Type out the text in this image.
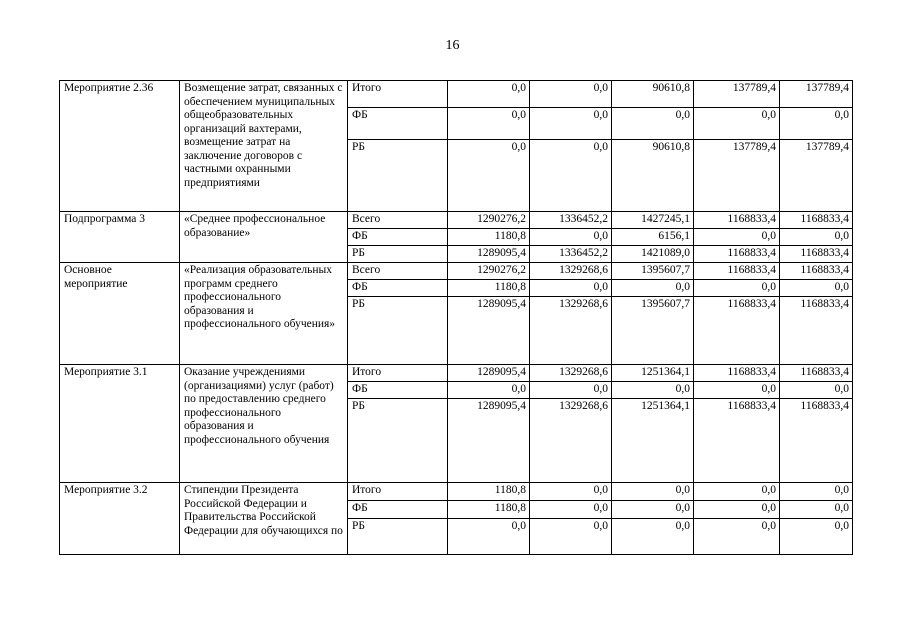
16
Мероприятие 2.36	Возмещение затрат, связанных с обеспечением муниципальных общеобразовательных организаций вахтерами, возмещение затрат на заключение договоров с частными охранными предприятиями	Итого	0,0	0,0	90610,8	137789,4	137789,4
		ФБ	0,0	0,0	0,0	0,0	0,0
		РБ	0,0	0,0	90610,8	137789,4	137789,4
Подпрограмма 3	«Среднее профессиональное образование»	Всего	1290276,2	1336452,2	1427245,1	1168833,4	1168833,4
		ФБ	1180,8	0,0	6156,1	0,0	0,0
		РБ	1289095,4	1336452,2	1421089,0	1168833,4	1168833,4
Основное мероприятие	«Реализация образовательных программ среднего профессионального образования и профессионального обучения»	Всего	1290276,2	1329268,6	1395607,7	1168833,4	1168833,4
		ФБ	1180,8	0,0	0,0	0,0	0,0
		РБ	1289095,4	1329268,6	1395607,7	1168833,4	1168833,4
Мероприятие 3.1	Оказание учреждениями (организациями) услуг (работ) по предоставлению среднего профессионального образования и профессионального обучения	Итого	1289095,4	1329268,6	1251364,1	1168833,4	1168833,4
		ФБ	0,0	0,0	0,0	0,0	0,0
		РБ	1289095,4	1329268,6	1251364,1	1168833,4	1168833,4
Мероприятие 3.2	Стипендии Президента Российской Федерации и Правительства Российской Федерации для обучающихся по	Итого	1180,8	0,0	0,0	0,0	0,0
		ФБ	1180,8	0,0	0,0	0,0	0,0
		РБ	0,0	0,0	0,0	0,0	0,0
